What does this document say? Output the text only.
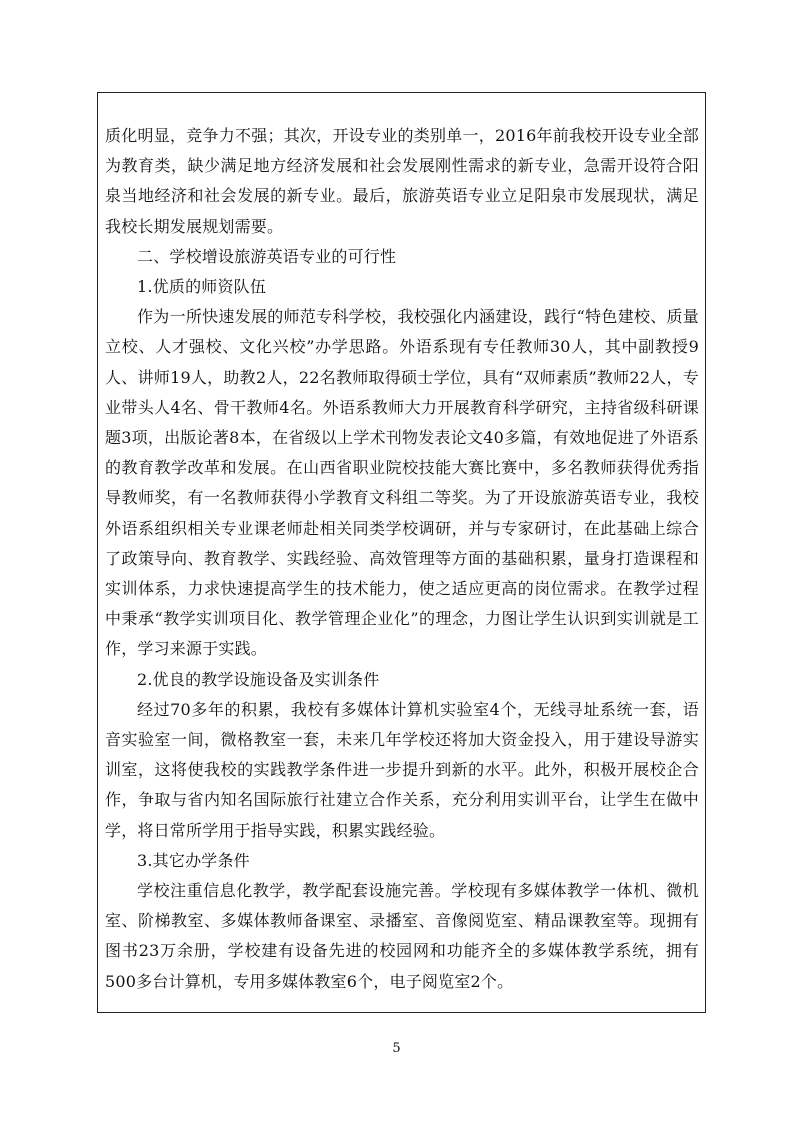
质化明显，竞争力不强；其次，开设专业的类别单一，2016年前我校开设专业全部为教育类，缺少满足地方经济发展和社会发展刚性需求的新专业，急需开设符合阳泉当地经济和社会发展的新专业。最后，旅游英语专业立足阳泉市发展现状，满足我校长期发展规划需要。

二、学校增设旅游英语专业的可行性

1.优质的师资队伍

作为一所快速发展的师范专科学校，我校强化内涵建设，践行“特色建校、质量立校、人才强校、文化兴校”办学思路。外语系现有专任教师30人，其中副教授9人、讲师19人，助教2人，22名教师取得硕士学位，具有“双师素质”教师22人，专业带头人4名、骨干教师4名。外语系教师大力开展教育科学研究，主持省级科研课题3项，出版论著8本，在省级以上学术刊物发表论文40多篇，有效地促进了外语系的教育教学改革和发展。在山西省职业院校技能大赛比赛中，多名教师获得优秀指导教师奖，有一名教师获得小学教育文科组二等奖。为了开设旅游英语专业，我校外语系组织相关专业课老师赴相关同类学校调研，并与专家研讨，在此基础上综合了政策导向、教育教学、实践经验、高效管理等方面的基础积累，量身打造课程和实训体系，力求快速提高学生的技术能力，使之适应更高的岗位需求。在教学过程中秉承“教学实训项目化、教学管理企业化”的理念，力图让学生认识到实训就是工作，学习来源于实践。

2.优良的教学设施设备及实训条件

经过70多年的积累，我校有多媒体计算机实验室4个，无线寻址系统一套，语音实验室一间，微格教室一套，未来几年学校还将加大资金投入，用于建设导游实训室，这将使我校的实践教学条件进一步提升到新的水平。此外，积极开展校企合作，争取与省内知名国际旅行社建立合作关系，充分利用实训平台，让学生在做中学，将日常所学用于指导实践，积累实践经验。

3.其它办学条件

学校注重信息化教学，教学配套设施完善。学校现有多媒体教学一体机、微机室、阶梯教室、多媒体教师备课室、录播室、音像阅览室、精品课教室等。现拥有图书23万余册，学校建有设备先进的校园网和功能齐全的多媒体教学系统，拥有500多台计算机，专用多媒体教室6个，电子阅览室2个。

5
